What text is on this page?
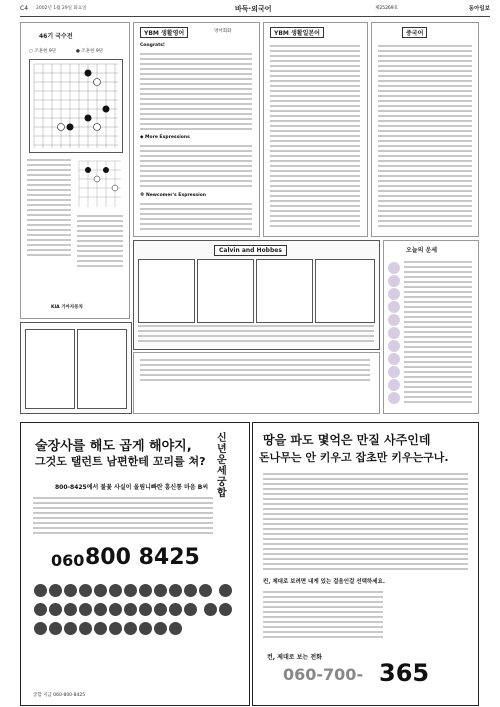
C4 2002년 1월 29일 화요일	바둑·외국어	제25269호	동아일보
46기 국수전
○ 조훈현 9단	● 조훈현 9단
KIA 기아자동차
YBM 생활영어	영어회화
Congrats!
◆ More Expressions
※ Newcomer's Expression
YBM 생활일본어	중국어
Calvin and Hobbes	오늘의 운세
술장사를 해도 곱게 해야지,
그것도 탤런트 남편한테 꼬리를 쳐?
신년 운세 궁합
800-8425에서 불꽃 사실이 올림니빠란 흥신통 마음 B씨
060 800 8425

궁합 지금 060-800-8425
땅을 파도 몇억은 만질 사주인데
돈나무는 안 키우고 잡초만 키우는구나.
컨, 제대로 보려면 내게 있는 걸음인걸 선택하세요.
컨, 제대로 보는 전화
060-700- 365
